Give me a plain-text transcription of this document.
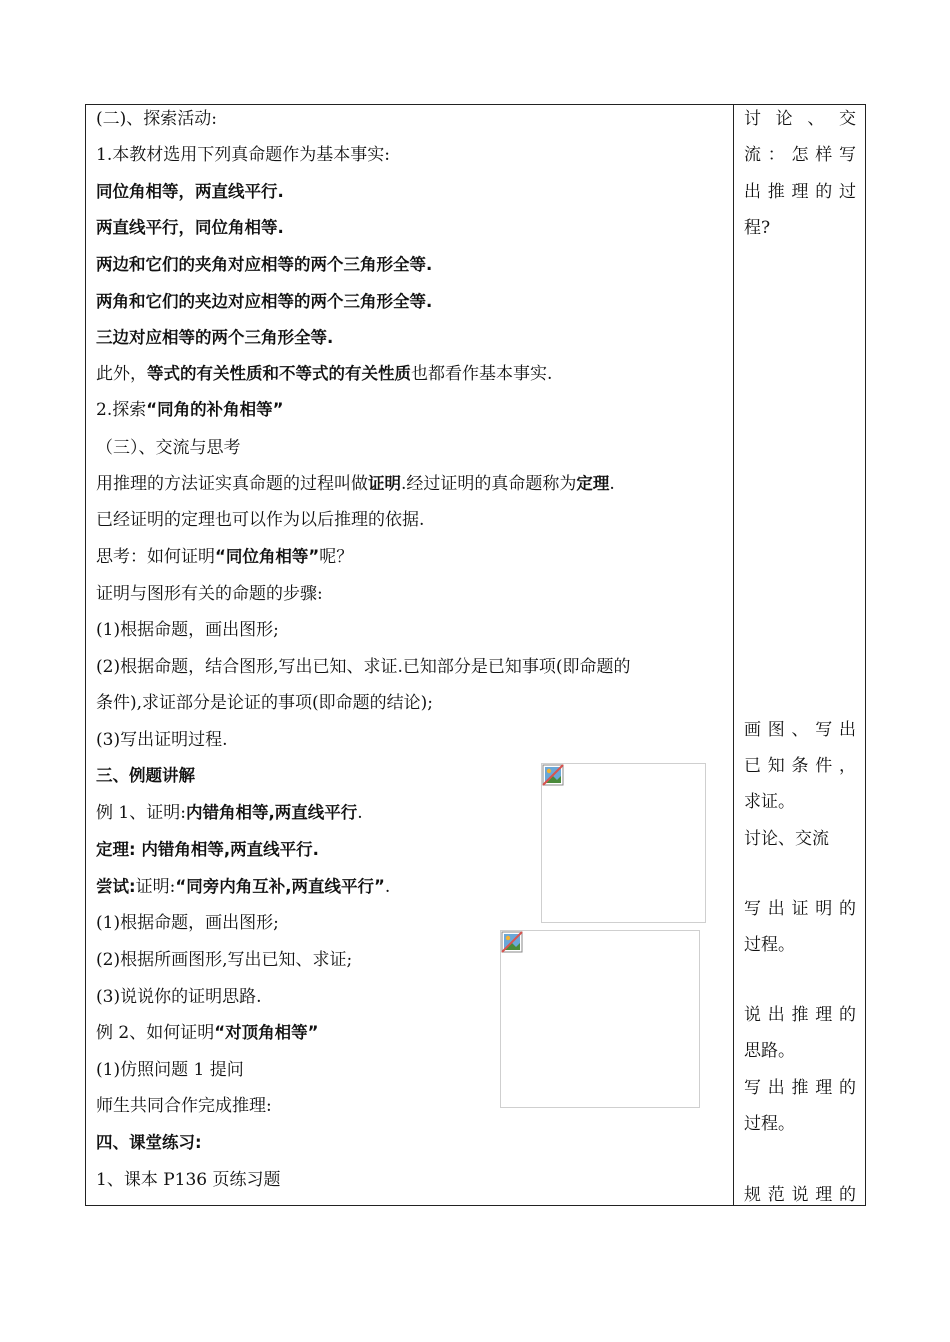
(二)、探索活动:
1.本教材选用下列真命题作为基本事实:
同位角相等，两直线平行.
两直线平行，同位角相等.
两边和它们的夹角对应相等的两个三角形全等.
两角和它们的夹边对应相等的两个三角形全等.
三边对应相等的两个三角形全等.
此外，等式的有关性质和不等式的有关性质也都看作基本事实.
2.探索“同角的补角相等”
（三）、交流与思考
用推理的方法证实真命题的过程叫做证明.经过证明的真命题称为定理.
已经证明的定理也可以作为以后推理的依据.
思考：如何证明“同位角相等”呢？
证明与图形有关的命题的步骤:
(1)根据命题，画出图形;
(2)根据命题，结合图形,写出已知、求证.已知部分是已知事项(即命题的
条件),求证部分是论证的事项(即命题的结论);
(3)写出证明过程.
三、例题讲解
例 1、证明:内错角相等,两直线平行.
定理: 内错角相等,两直线平行.
尝试:证明:“同旁内角互补,两直线平行”.
(1)根据命题，画出图形;
(2)根据所画图形,写出已知、求证;
(3)说说你的证明思路.
例 2、如何证明“对顶角相等”
(1)仿照问题 1 提问
师生共同合作完成推理:
四、课堂练习:
1、课本 P136 页练习题
讨论、交
流：怎样写
出推理的过
程?
画图、写出
已知条件，
求证。
讨论、交流
写出证明的
过程。
说出推理的
思路。
写出推理的
过程。
规范说理的
